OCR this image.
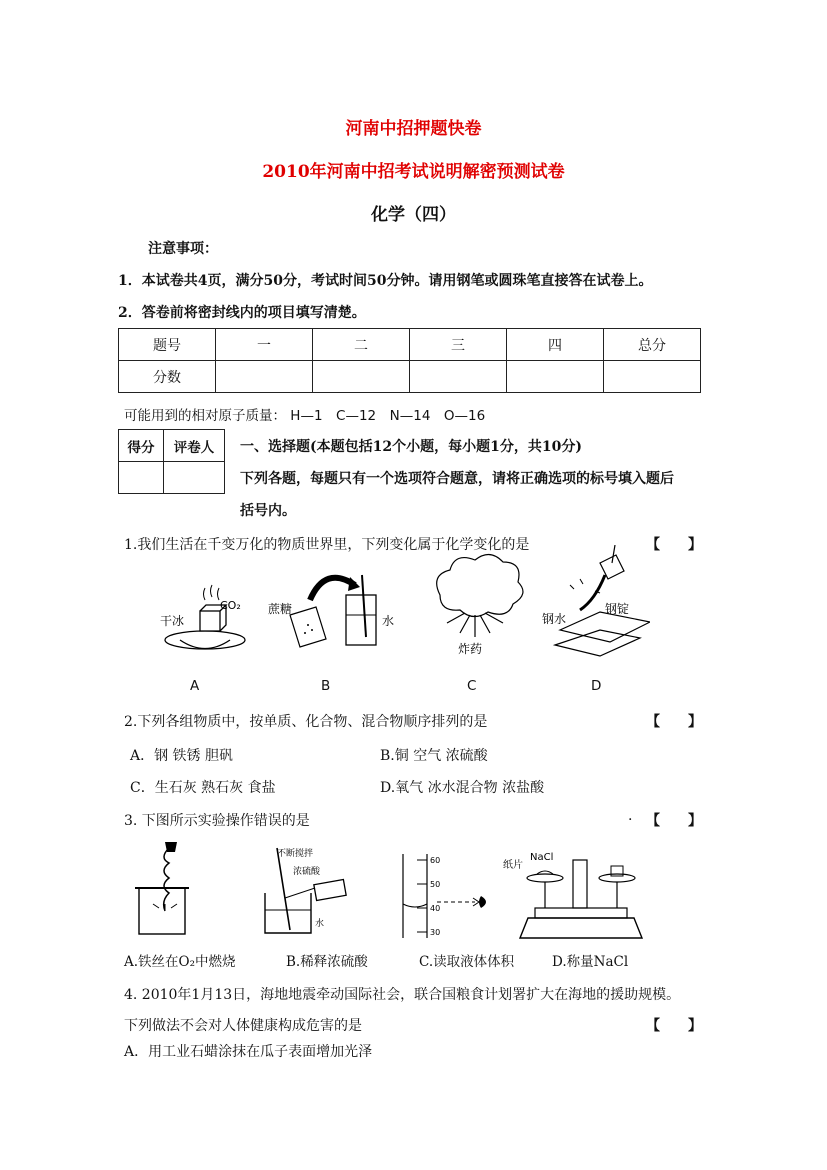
河南中招押题快卷
2010年河南中招考试说明解密预测试卷
化学（四）
注意事项：
1．本试卷共4页，满分50分，考试时间50分钟。请用钢笔或圆珠笔直接答在试卷上。
2．答卷前将密封线内的项目填写清楚。
题号	一	二	三	四	总分
分数					
可能用到的相对原子质量： H—1　C—12　N—14　O—16
得分	评卷人
	一、选择题(本题包括12个小题，每小题1分，共10分)
下列各题，每题只有一个选项符合题意，请将正确选项的标号填入题后
括号内。
1.我们生活在千变万化的物质世界里，下列变化属于化学变化的是	【　　】
干冰
CO₂ 蔗糖
水
炸药
钢水
钢锭
A	B	C	D
2.下列各组物质中，按单质、化合物、混合物顺序排列的是	【　　】
A．钢 铁锈 胆矾	B.铜 空气 浓硫酸
C．生石灰 熟石灰 食盐	D.氧气 冰水混合物 浓盐酸
3. 下图所示实验操作错误的是	. 【　　】
不断搅拌
浓硫酸
水
60
50
40
30
纸片
NaCl
A.铁丝在O₂中燃烧	B.稀释浓硫酸	C.读取液体体积	D.称量NaCl
4. 2010年1月13日，海地地震牵动国际社会，联合国粮食计划署扩大在海地的援助规模。
下列做法不会对人体健康构成危害的是	【　　】
A．用工业石蜡涂抹在瓜子表面增加光泽
